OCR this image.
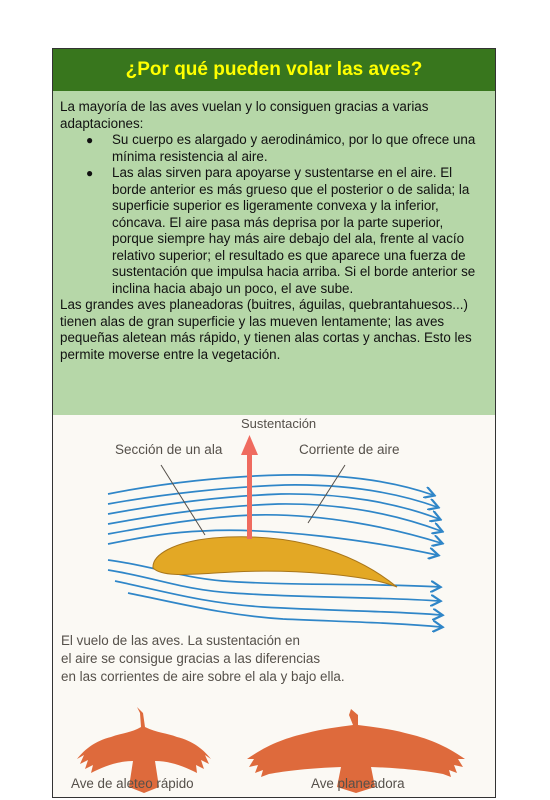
¿Por qué pueden volar las aves?

La mayoría de las aves vuelan y lo consiguen gracias a varias adaptaciones:

● Su cuerpo es alargado y aerodinámico, por lo que ofrece una mínima resistencia al aire.
● Las alas sirven para apoyarse y sustentarse en el aire. El borde anterior es más grueso que el posterior o de salida; la superficie superior es ligeramente convexa y la inferior, cóncava. El aire pasa más deprisa por la parte superior, porque siempre hay más aire debajo del ala, frente al vacío relativo superior; el resultado es que aparece una fuerza de sustentación que impulsa hacia arriba. Si el borde anterior se inclina hacia abajo un poco, el ave sube.

Las grandes aves planeadoras (buitres, águilas, quebrantahuesos...) tienen alas de gran superficie y las mueven lentamente; las aves pequeñas aletean más rápido, y tienen alas cortas y anchas. Esto les permite moverse entre la vegetación.

Sustentación
Sección de un ala	Corriente de aire
El vuelo de las aves. La sustentación en
el aire se consigue gracias a las diferencias
en las corrientes de aire sobre el ala y bajo ella.
Ave de aleteo rápido	Ave planeadora
